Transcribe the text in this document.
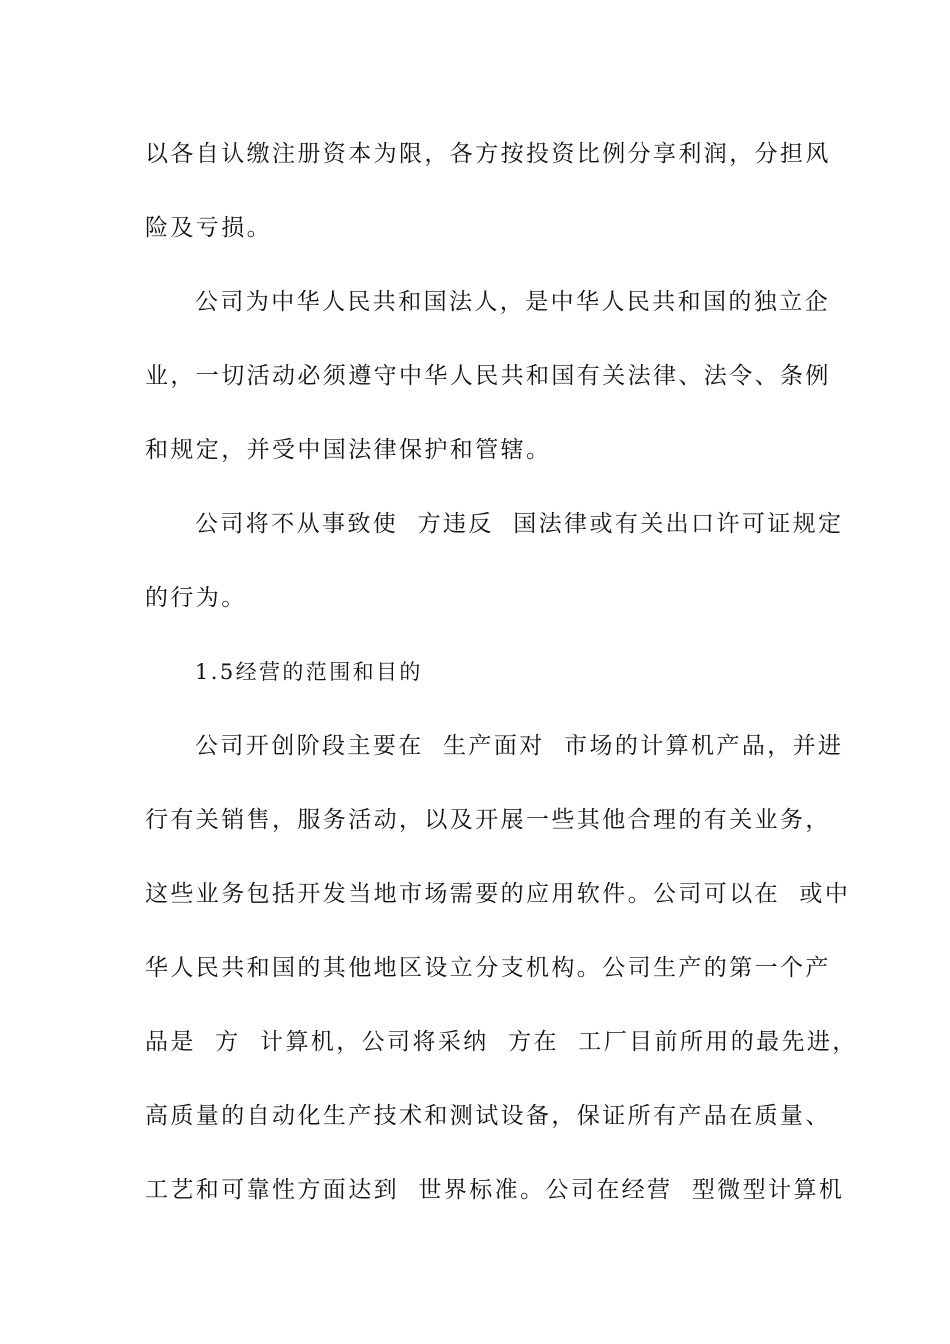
以各自认缴注册资本为限，各方按投资比例分享利润，分担风
险及亏损。
公司为中华人民共和国法人，是中华人民共和国的独立企
业，一切活动必须遵守中华人民共和国有关法律、法令、条例
和规定，并受中国法律保护和管辖。
公司将不从事致使  方违反  国法律或有关出口许可证规定
的行为。
1.5经营的范围和目的
公司开创阶段主要在  生产面对  市场的计算机产品，并进
行有关销售，服务活动，以及开展一些其他合理的有关业务，
这些业务包括开发当地市场需要的应用软件。公司可以在  或中
华人民共和国的其他地区设立分支机构。公司生产的第一个产
品是  方  计算机，公司将采纳  方在  工厂目前所用的最先进，
高质量的自动化生产技术和测试设备，保证所有产品在质量、
工艺和可靠性方面达到  世界标准。公司在经营  型微型计算机
